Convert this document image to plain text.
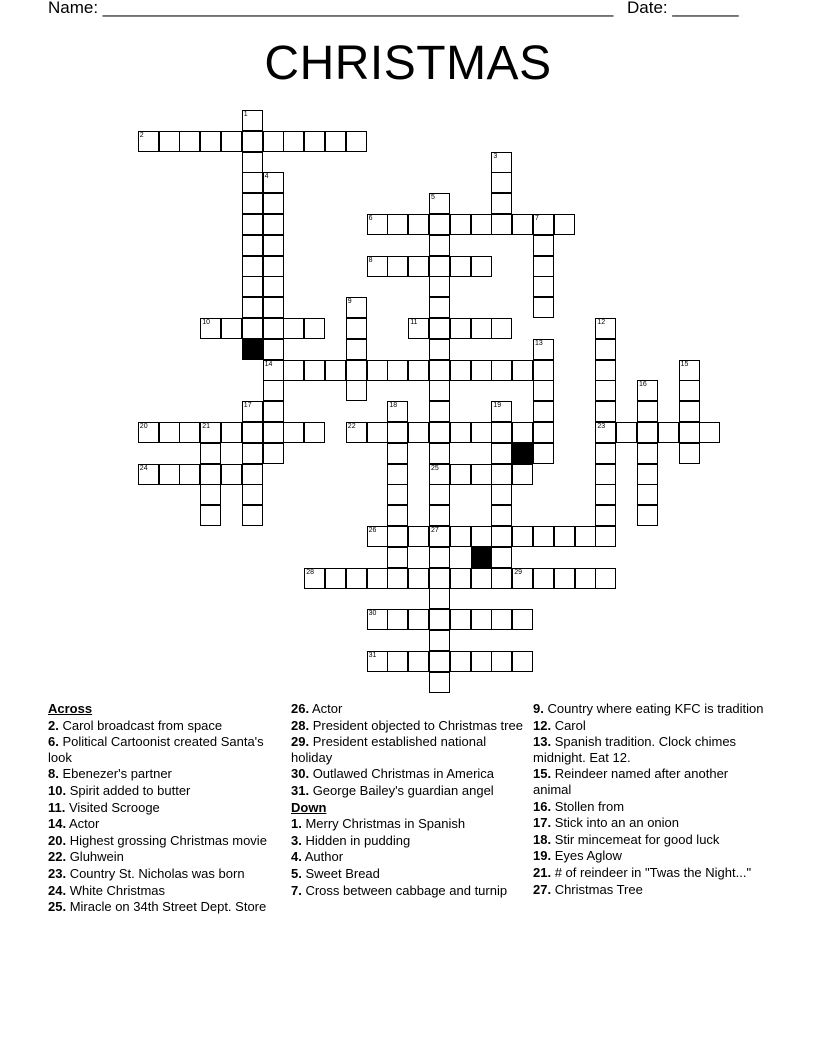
Name: ______________________________________________________ Date: _______
CHRISTMAS
2
6
8
10	11
14
20	22	23
24	25
26
28	29
30
31
1
3
4
5
7
9
12
13
15
16
17	18	19
21
27

Across

2. Carol broadcast from space

6. Political Cartoonist created Santa's look

8. Ebenezer's partner

10. Spirit added to butter

11. Visited Scrooge

14. Actor

20. Highest grossing Christmas movie

22. Gluhwein

23. Country St. Nicholas was born

24. White Christmas

25. Miracle on 34th Street Dept. Store

26. Actor

28. President objected to Christmas tree

29. President established national holiday

30. Outlawed Christmas in America

31. George Bailey's guardian angel

Down

1. Merry Christmas in Spanish

3. Hidden in pudding

4. Author

5. Sweet Bread

7. Cross between cabbage and turnip

9. Country where eating KFC is tradition

12. Carol

13. Spanish tradition. Clock chimes midnight. Eat 12.

15. Reindeer named after another animal

16. Stollen from

17. Stick into an an onion

18. Stir mincemeat for good luck

19. Eyes Aglow

21. # of reindeer in "Twas the Night..."

27. Christmas Tree
